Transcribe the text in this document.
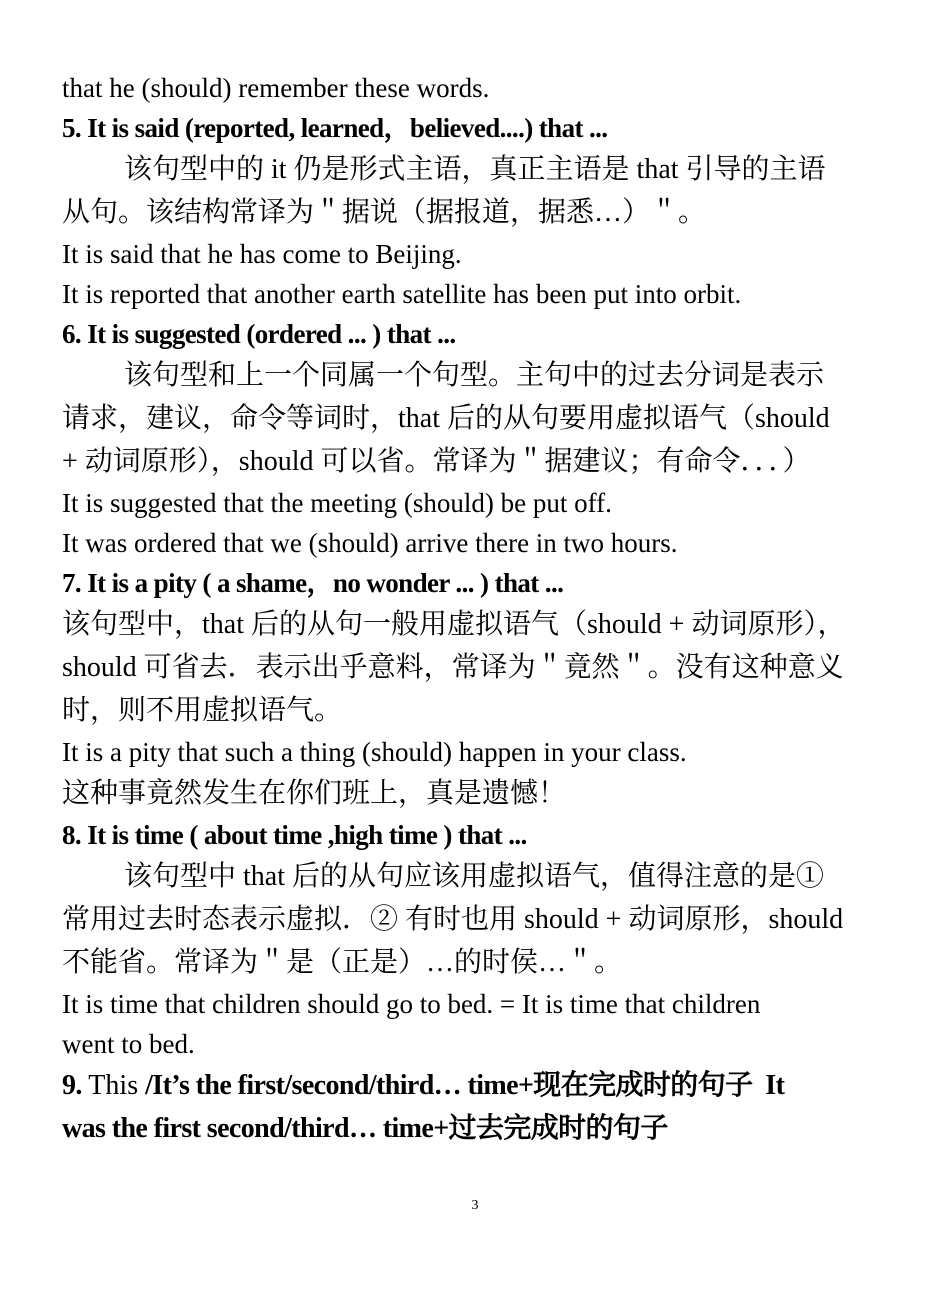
that he (should) remember these words.
5. It is said (reported, learned，believed....) that ...
该句型中的 it 仍是形式主语，真正主语是 that 引导的主语
从句。该结构常译为＂据说（据报道，据悉…）＂。
It is said that he has come to Beijing.
It is reported that another earth satellite has been put into orbit.
6. It is suggested (ordered ... ) that ...
该句型和上一个同属一个句型。主句中的过去分词是表示
请求，建议，命令等词时，that 后的从句要用虚拟语气（should
+ 动词原形），should 可以省。常译为＂据建议；有命令．．．）
It is suggested that the meeting (should) be put off.
It was ordered that we (should) arrive there in two hours.
7. It is a pity ( a shame，no wonder ... ) that ...
该句型中，that 后的从句一般用虚拟语气（should + 动词原形），
should 可省去．表示出乎意料，常译为＂竟然＂。没有这种意义
时，则不用虚拟语气。
It is a pity that such a thing (should) happen in your class.
这种事竟然发生在你们班上，真是遗憾！
8. It is time ( about time ,high time ) that ...
该句型中 that 后的从句应该用虚拟语气，值得注意的是①
常用过去时态表示虚拟．② 有时也用 should + 动词原形，should
不能省。常译为＂是（正是）…的时侯…＂。
It is time that children should go to bed. = It is time that children
went to bed.
9. This /It’s the first/second/third… time+现在完成时的句子  It
was the first second/third… time+过去完成时的句子
3
